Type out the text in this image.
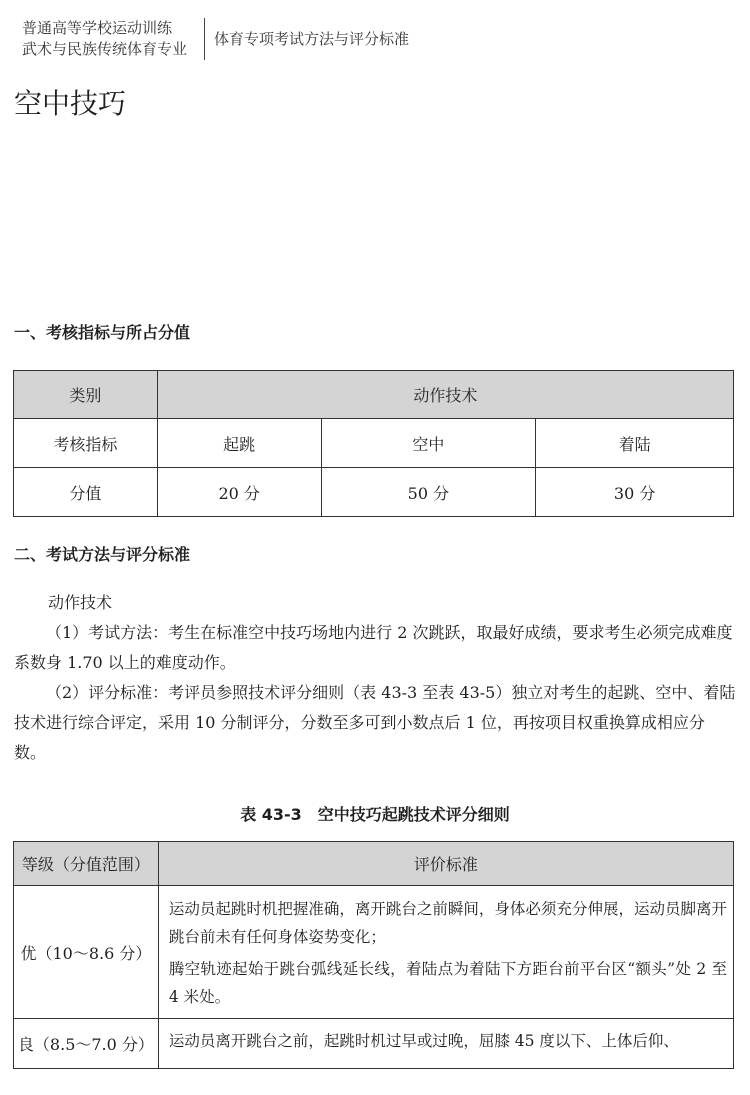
普通高等学校运动训练
武术与民族传统体育专业
体育专项考试方法与评分标准
空中技巧
一、考核指标与所占分值
类别	动作技术		
考核指标	起跳	空中	着陆
分值	20 分	50 分	30 分
二、考试方法与评分标准

动作技术

（1）考试方法：考生在标准空中技巧场地内进行 2 次跳跃，取最好成绩，要求考生必须完成难度系数身 1.70 以上的难度动作。

（2）评分标准：考评员参照技术评分细则（表 43-3 至表 43-5）独立对考生的起跳、空中、着陆技术进行综合评定，采用 10 分制评分，分数至多可到小数点后 1 位，再按项目权重换算成相应分数。

表 43-3　空中技巧起跳技术评分细则
等级（分值范围）	评价标准
优（10～8.6 分）	运动员起跳时机把握准确，离开跳台之前瞬间，身体必须充分伸展，运动员脚离开跳台前未有任何身体姿势变化；

腾空轨迹起始于跳台弧线延长线，着陆点为着陆下方距台前平台区“额头”处 2 至 4 米处。

良（8.5～7.0 分）	运动员离开跳台之前，起跳时机过早或过晚，屈膝 45 度以下、上体后仰、
